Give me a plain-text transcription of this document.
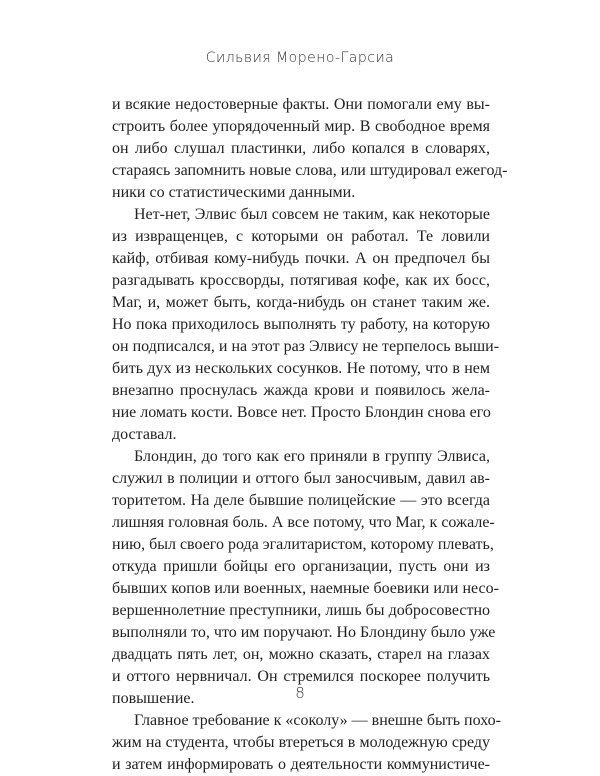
Сильвия Морено-Гарсиа

и всякие недостоверные факты. Они помогали ему вы-
строить более упорядоченный мир. В свободное время
он либо слушал пластинки, либо копался в словарях,
стараясь запомнить новые слова, или штудировал ежегод-
ники со статистическими данными.

Нет-нет, Элвис был совсем не таким, как некоторые
из извращенцев, с которыми он работал. Те ловили
кайф, отбивая кому-нибудь почки. А он предпочел бы
разгадывать кроссворды, потягивая кофе, как их босс,
Маг, и, может быть, когда-нибудь он станет таким же.
Но пока приходилось выполнять ту работу, на которую
он подписался, и на этот раз Элвису не терпелось выши-
бить дух из нескольких сосунков. Не потому, что в нем
внезапно проснулась жажда крови и появилось жела-
ние ломать кости. Вовсе нет. Просто Блондин снова его
доставал.

Блондин, до того как его приняли в группу Элвиса,
служил в полиции и оттого был заносчивым, давил ав-
торитетом. На деле бывшие полицейские — это всегда
лишняя головная боль. А все потому, что Маг, к сожале-
нию, был своего рода эгалитаристом, которому плевать,
откуда пришли бойцы его организации, пусть они из
бывших копов или военных, наемные боевики или несо-
вершеннолетние преступники, лишь бы добросовестно
выполняли то, что им поручают. Но Блондину было уже
двадцать пять лет, он, можно сказать, старел на глазах
и оттого нервничал. Он стремился поскорее получить
повышение.

Главное требование к «соколу» — внешне быть похо-
жим на студента, чтобы втереться в молодежную среду
и затем информировать о деятельности коммунистиче-

8
